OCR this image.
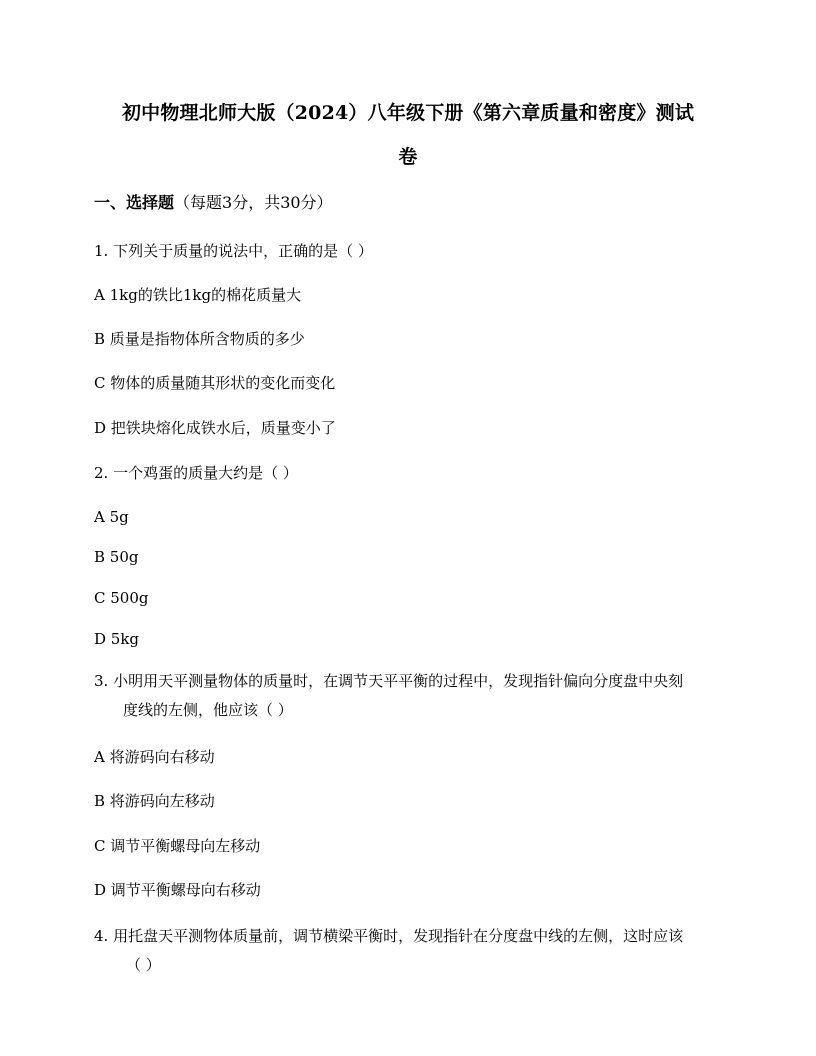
初中物理北师大版（2024）八年级下册《第六章质量和密度》测试
卷
一、选择题（每题3分，共30分）
1. 下列关于质量的说法中，正确的是（ ）
A 1kg的铁比1kg的棉花质量大
B 质量是指物体所含物质的多少
C 物体的质量随其形状的变化而变化
D 把铁块熔化成铁水后，质量变小了
2. 一个鸡蛋的质量大约是（ ）
A 5g
B 50g
C 500g
D 5kg
3. 小明用天平测量物体的质量时，在调节天平平衡的过程中，发现指针偏向分度盘中央刻
度线的左侧，他应该（ ）
A 将游码向右移动
B 将游码向左移动
C 调节平衡螺母向左移动
D 调节平衡螺母向右移动
4. 用托盘天平测物体质量前，调节横梁平衡时，发现指针在分度盘中线的左侧，这时应该
（ ）
